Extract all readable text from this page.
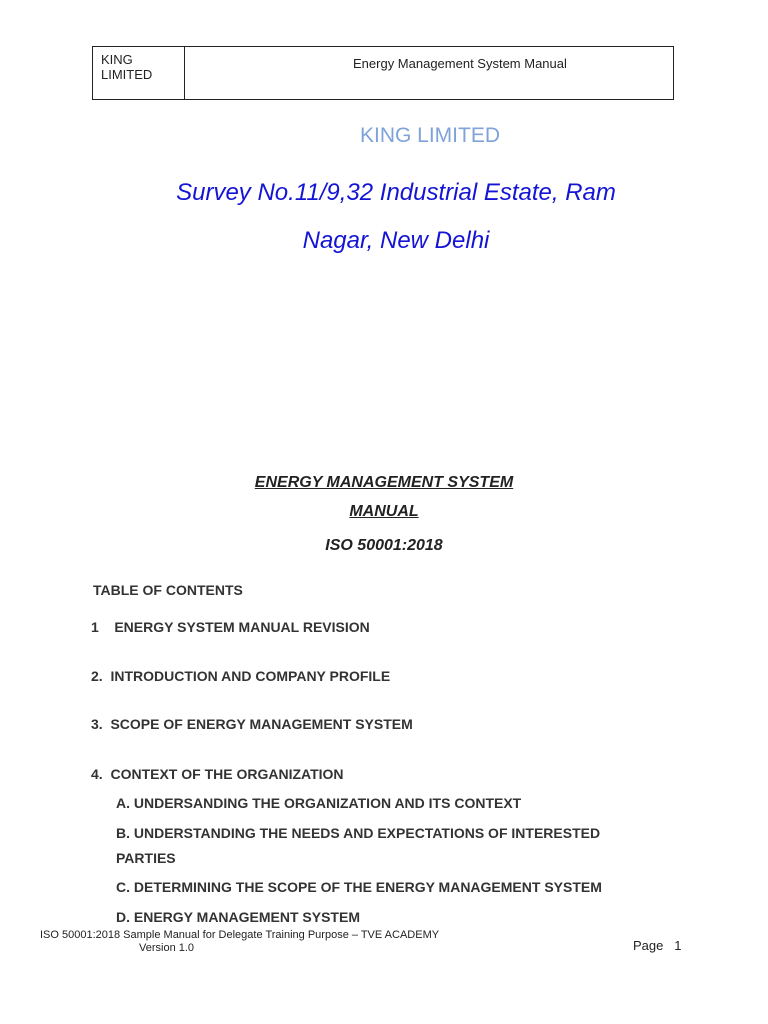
KING LIMITED
Energy Management System Manual
KING LIMITED
Survey No.11/9,32 Industrial Estate, Ram
Nagar, New Delhi
ENERGY MANAGEMENT SYSTEM
MANUAL
ISO 50001:2018
TABLE OF CONTENTS
1    ENERGY SYSTEM MANUAL REVISION
2.  INTRODUCTION AND COMPANY PROFILE
3.  SCOPE OF ENERGY MANAGEMENT SYSTEM
4.  CONTEXT OF THE ORGANIZATION
A. UNDERSANDING THE ORGANIZATION AND ITS CONTEXT
B. UNDERSTANDING THE NEEDS AND EXPECTATIONS OF INTERESTED
PARTIES
C. DETERMINING THE SCOPE OF THE ENERGY MANAGEMENT SYSTEM
D. ENERGY MANAGEMENT SYSTEM
ISO 50001:2018 Sample Manual for Delegate Training Purpose – TVE ACADEMY
Version 1.0	Page   1
